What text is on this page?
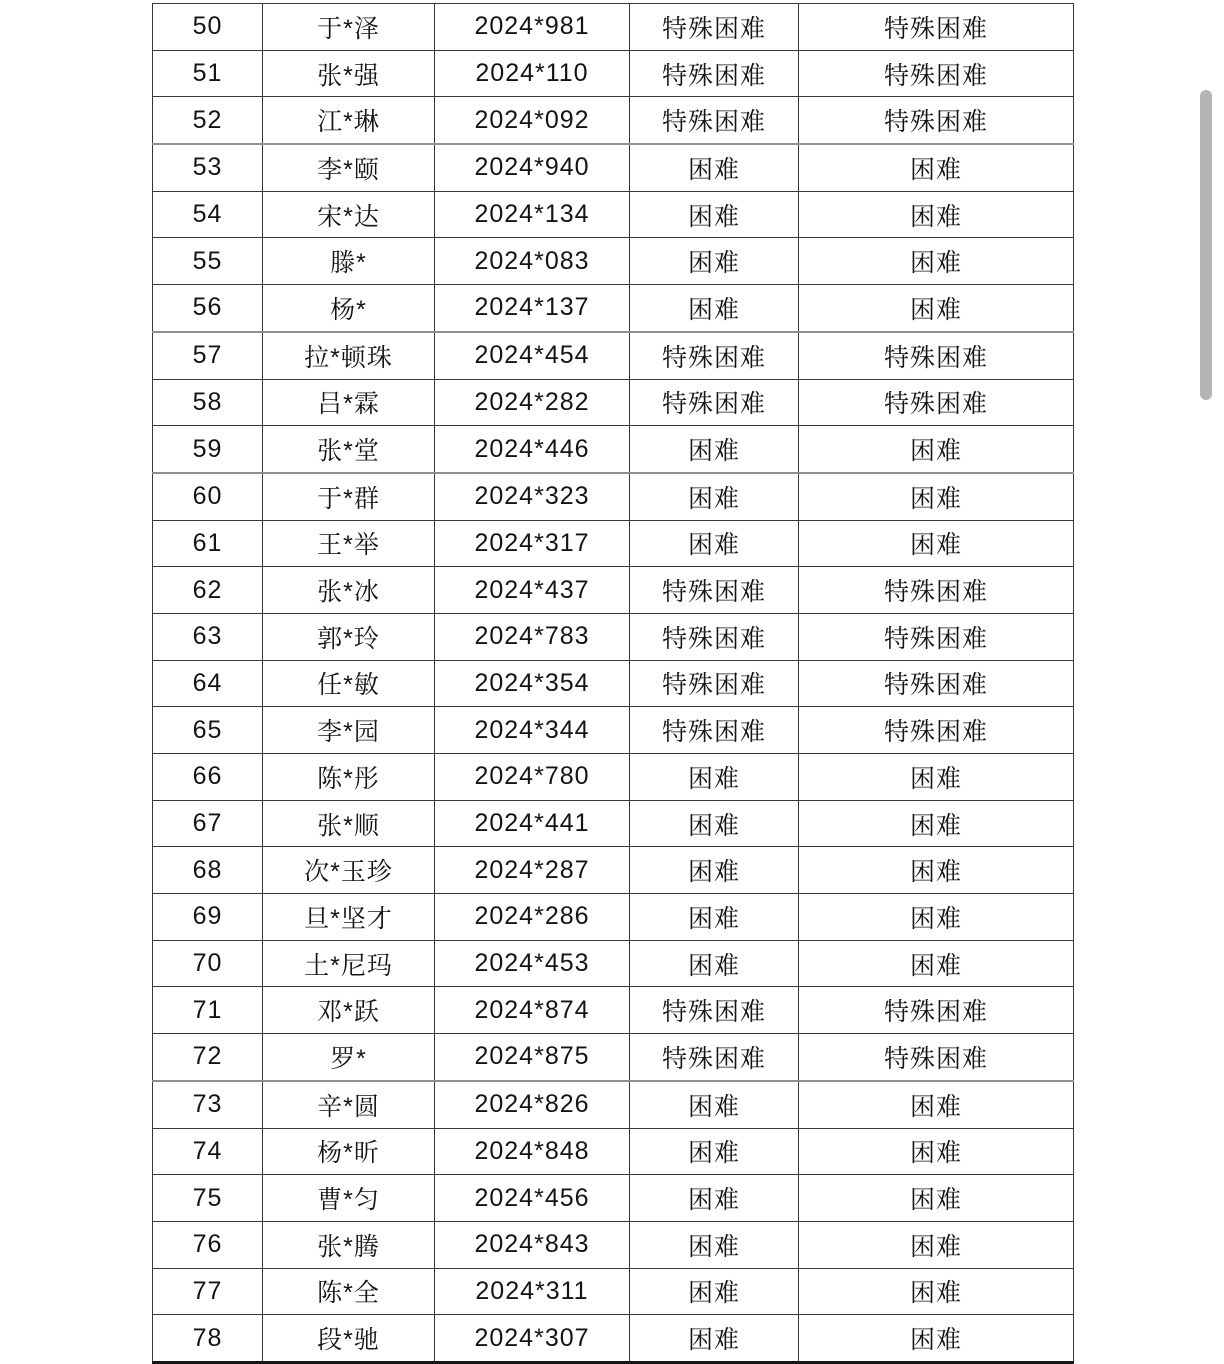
50	于*泽	2024*981	特殊困难	特殊困难
51	张*强	2024*110	特殊困难	特殊困难
52	江*琳	2024*092	特殊困难	特殊困难
53	李*颐	2024*940	困难	困难
54	宋*达	2024*134	困难	困难
55	滕*	2024*083	困难	困难
56	杨*	2024*137	困难	困难
57	拉*顿珠	2024*454	特殊困难	特殊困难
58	吕*霖	2024*282	特殊困难	特殊困难
59	张*堂	2024*446	困难	困难
60	于*群	2024*323	困难	困难
61	王*举	2024*317	困难	困难
62	张*冰	2024*437	特殊困难	特殊困难
63	郭*玲	2024*783	特殊困难	特殊困难
64	任*敏	2024*354	特殊困难	特殊困难
65	李*园	2024*344	特殊困难	特殊困难
66	陈*彤	2024*780	困难	困难
67	张*顺	2024*441	困难	困难
68	次*玉珍	2024*287	困难	困难
69	旦*坚才	2024*286	困难	困难
70	土*尼玛	2024*453	困难	困难
71	邓*跃	2024*874	特殊困难	特殊困难
72	罗*	2024*875	特殊困难	特殊困难
73	辛*圆	2024*826	困难	困难
74	杨*昕	2024*848	困难	困难
75	曹*匀	2024*456	困难	困难
76	张*腾	2024*843	困难	困难
77	陈*全	2024*311	困难	困难
78	段*驰	2024*307	困难	困难
